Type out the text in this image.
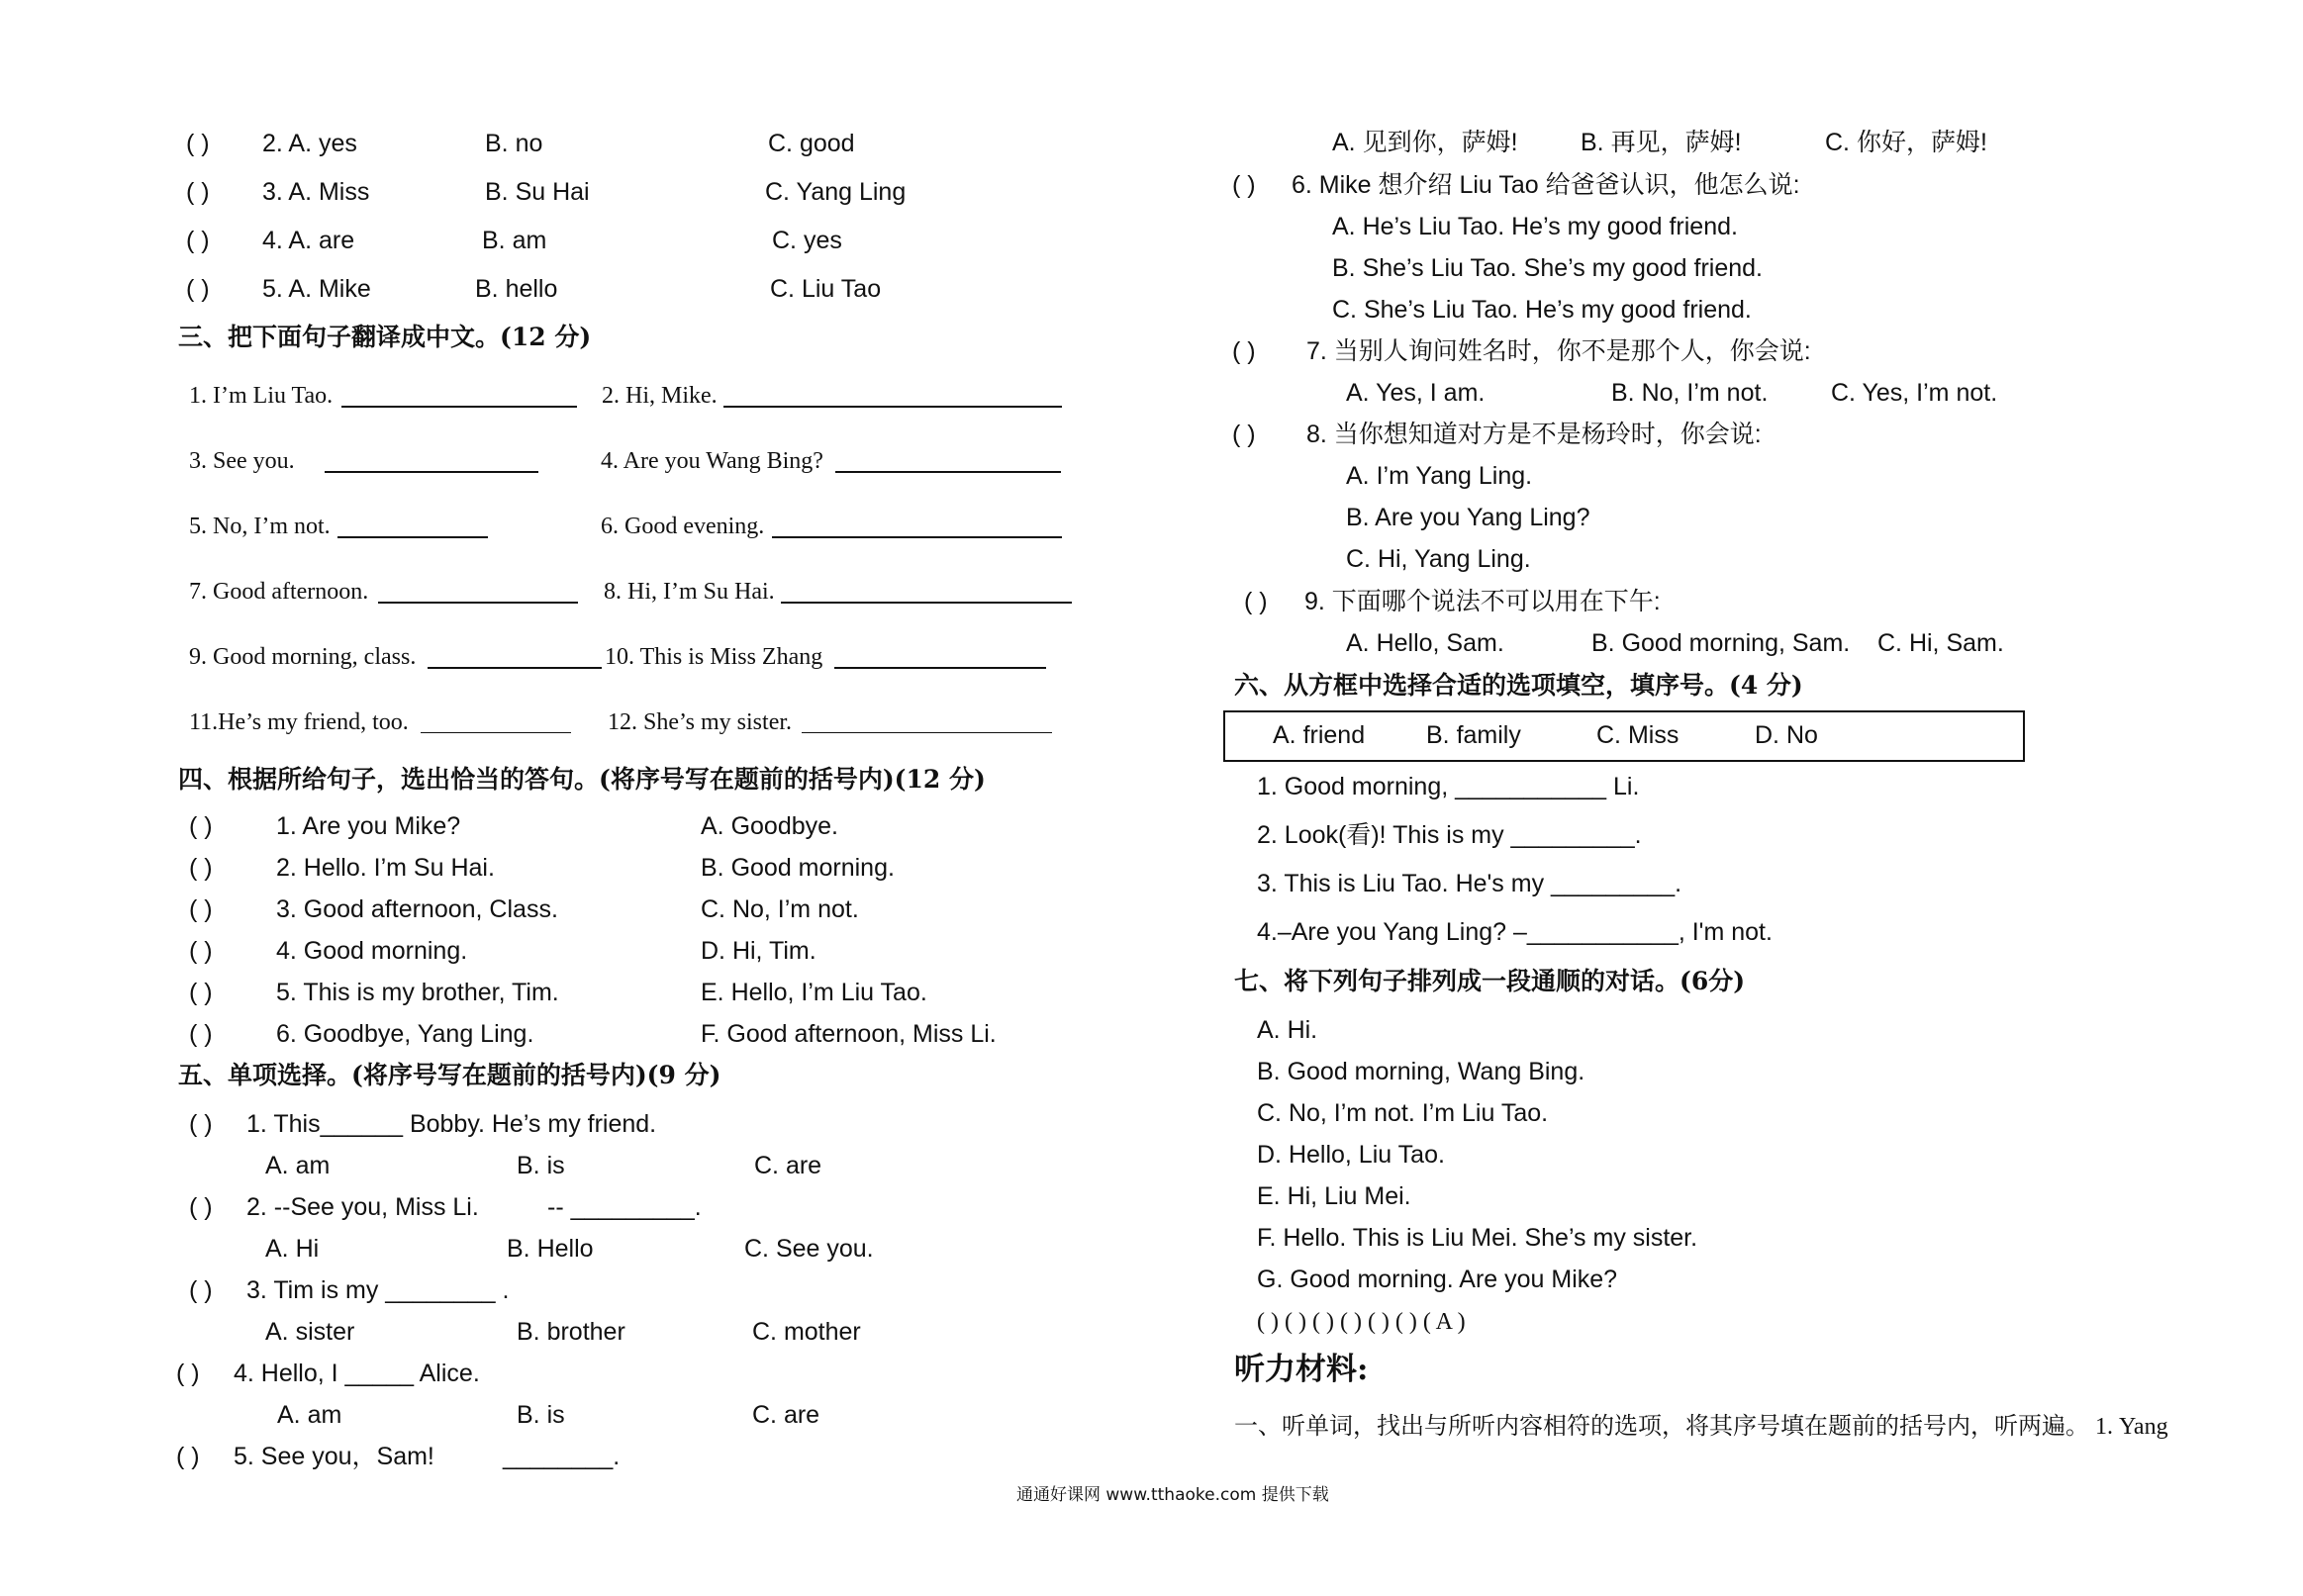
( ) 2. A. yes	B. no	C. good
( ) 3. A. Miss	B. Su Hai	C. Yang Ling
( ) 4. A. are	B. am	C. yes
( ) 5. A. Mike	B. hello	C. Liu Tao
三、把下面句子翻译成中文。(12 分)
1. I’m Liu Tao.	2. Hi, Mike.
3. See you.	4. Are you Wang Bing?
5. No, I’m not.	6. Good evening.
7. Good afternoon.	8. Hi, I’m Su Hai.
9. Good morning, class.	10. This is Miss Zhang
11.He’s my friend, too.	12. She’s my sister.
四、根据所给句子，选出恰当的答句。(将序号写在题前的括号内)(12 分)
( )	1. Are you Mike?	A. Goodbye.
( )	2. Hello. I’m Su Hai.	B. Good morning.
( )	3. Good afternoon, Class.	C. No, I’m not.
( )	4. Good morning.	D. Hi, Tim.
( )	5. This is my brother, Tim.	E. Hello, I’m Liu Tao.
( )	6. Goodbye, Yang Ling.	F. Good afternoon, Miss Li.
五、单项选择。(将序号写在题前的括号内)(9 分)
( ) 1. This______ Bobby. He’s my friend.
A. am	B. is	C. are
( ) 2. --See you, Miss Li.	-- _________.
A. Hi	B. Hello	C. See you.
( ) 3. Tim is my ________ .
A. sister	B. brother	C. mother
( ) 4. Hello, I _____ Alice.
A. am	B. is	C. are
( ) 5. See you，Sam!	________.
A. 见到你，萨姆!	B. 再见，萨姆!	C. 你好，萨姆!
( ) 6. Mike 想介绍 Liu Tao 给爸爸认识，他怎么说:
A. He’s Liu Tao. He’s my good friend.
B. She’s Liu Tao. She’s my good friend.
C. She’s Liu Tao. He’s my good friend.
( ) 7. 当别人询问姓名时，你不是那个人，你会说:
A. Yes, I am.	B. No, I’m not.	C. Yes, I’m not.
( ) 8. 当你想知道对方是不是杨玲时，你会说:
A. I’m Yang Ling.
B. Are you Yang Ling?
C. Hi, Yang Ling.
( ) 9. 下面哪个说法不可以用在下午:
A. Hello, Sam.	B. Good morning, Sam. C. Hi, Sam.
六、从方框中选择合适的选项填空，填序号。(4 分)
A. friend B. family	C. Miss	D. No
1. Good morning, ___________ Li.
2. Look(看)! This is my _________.
3. This is Liu Tao. He's my _________.
4.–Are you Yang Ling? –___________, I'm not.
七、将下列句子排列成一段通顺的对话。(6分)
A. Hi.
B. Good morning, Wang Bing.
C. No, I’m not. I’m Liu Tao.
D. Hello, Liu Tao.
E. Hi, Liu Mei.
F. Hello. This is Liu Mei. She’s my sister.
G. Good morning. Are you Mike?
( ) ( ) ( ) ( ) ( ) ( ) ( A )
听力材料:
一、听单词，找出与所听内容相符的选项，将其序号填在题前的括号内，听两遍。 1. Yang
通通好课网 www.tthaoke.com 提供下载
